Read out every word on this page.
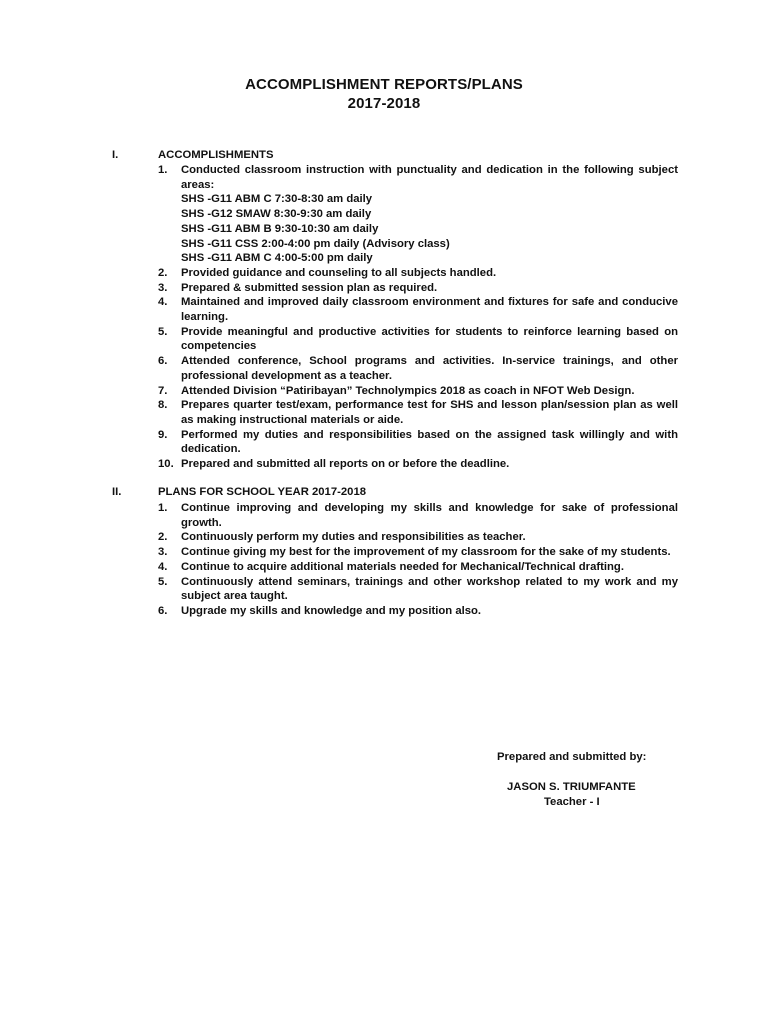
ACCOMPLISHMENT REPORTS/PLANS
2017-2018
I.	ACCOMPLISHMENTS
1. Conducted classroom instruction with punctuality and dedication in the following subject areas:
SHS -G11 ABM C 7:30-8:30 am daily
SHS -G12 SMAW 8:30-9:30 am daily
SHS -G11 ABM B 9:30-10:30 am daily
SHS -G11 CSS 2:00-4:00 pm daily (Advisory class)
SHS -G11 ABM C 4:00-5:00 pm daily
2. Provided guidance and counseling to all subjects handled.
3. Prepared & submitted session plan as required.
4. Maintained and improved daily classroom environment and fixtures for safe and conducive learning.
5. Provide meaningful and productive activities for students to reinforce learning based on competencies
6. Attended conference, School programs and activities. In-service trainings, and other professional development as a teacher.
7. Attended Division “Patiribayan” Technolympics 2018 as coach in NFOT Web Design.
8. Prepares quarter test/exam, performance test for SHS and lesson plan/session plan as well as making instructional materials or aide.
9. Performed my duties and responsibilities based on the assigned task willingly and with dedication.
10. Prepared and submitted all reports on or before the deadline.
II.	PLANS FOR SCHOOL YEAR 2017-2018
1. Continue improving and developing my skills and knowledge for sake of professional growth.
2. Continuously perform my duties and responsibilities as teacher.
3. Continue giving my best for the improvement of my classroom for the sake of my students.
4. Continue to acquire additional materials needed for Mechanical/Technical drafting.
5. Continuously attend seminars, trainings and other workshop related to my work and my subject area taught.
6. Upgrade my skills and knowledge and my position also.
Prepared and submitted by:
JASON S. TRIUMFANTE
Teacher - I
